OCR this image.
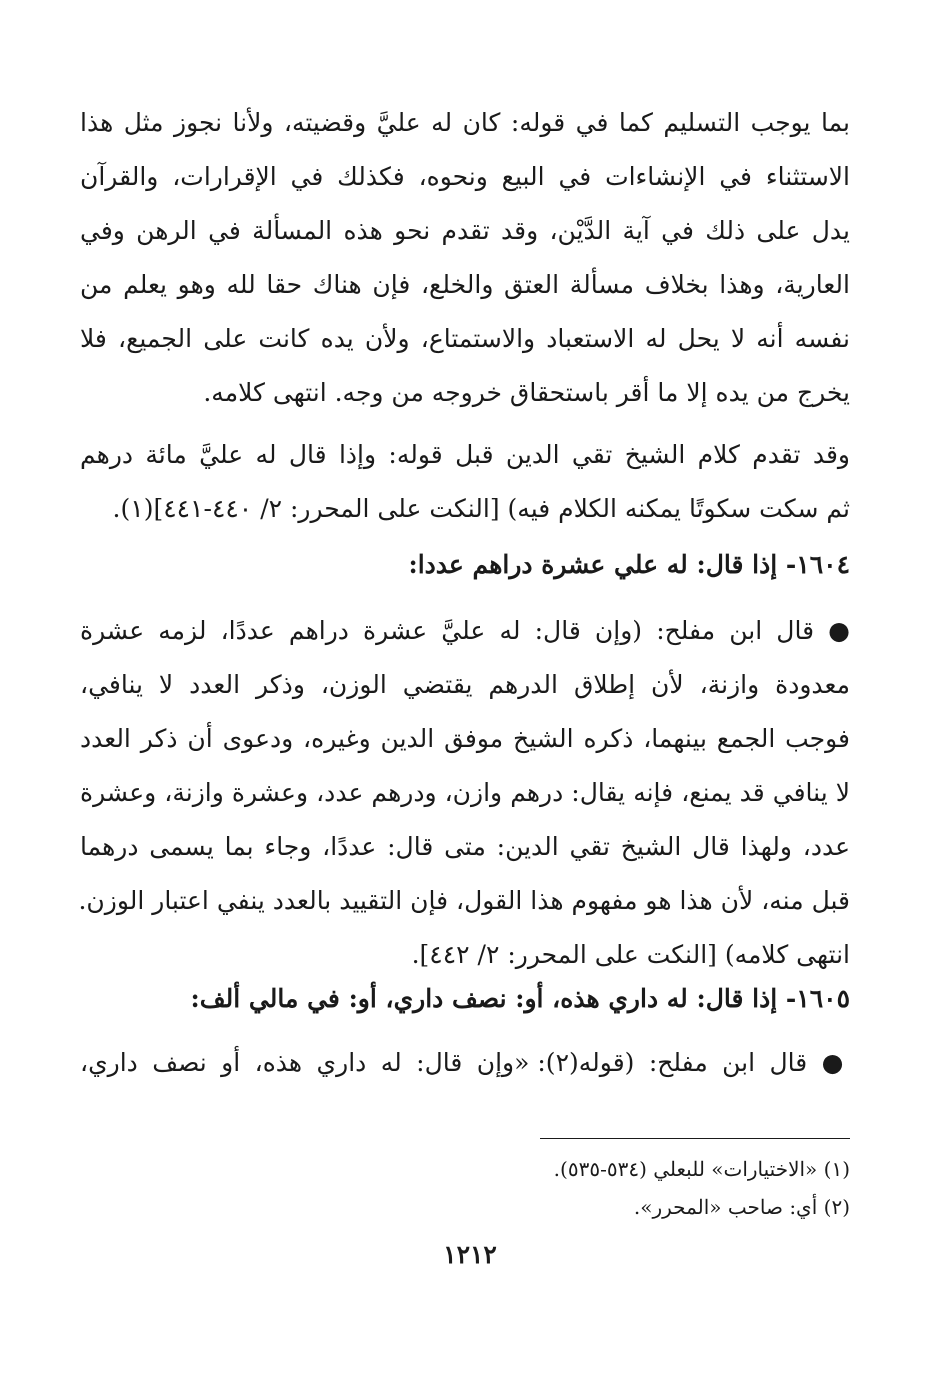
بما يوجب التسليم كما في قوله: كان له عليَّ وقضيته، ولأنا نجوز مثل هذا
الاستثناء في الإنشاءات في البيع ونحوه، فكذلك في الإقرارات، والقرآن
يدل على ذلك في آية الدَّيْن، وقد تقدم نحو هذه المسألة في الرهن وفي
العارية، وهذا بخلاف مسألة العتق والخلع، فإن هناك حقا لله وهو يعلم من
نفسه أنه لا يحل له الاستعباد والاستمتاع، ولأن يده كانت على الجميع، فلا
يخرج من يده إلا ما أقر باستحقاق خروجه من وجه. انتهى كلامه.
وقد تقدم كلام الشيخ تقي الدين قبل قوله: وإذا قال له عليَّ مائة درهم
ثم سكت سكوتًا يمكنه الكلام فيه) [النكت على المحرر: ٢/ ٤٤٠-٤٤١](١).
١٦٠٤- إذا قال: له علي عشرة دراهم عددا:
● قال ابن مفلح: (وإن قال: له عليَّ عشرة دراهم عددًا، لزمه عشرة
معدودة وازنة، لأن إطلاق الدرهم يقتضي الوزن، وذكر العدد لا ينافي،
فوجب الجمع بينهما، ذكره الشيخ موفق الدين وغيره، ودعوى أن ذكر العدد
لا ينافي قد يمنع، فإنه يقال: درهم وازن، ودرهم عدد، وعشرة وازنة، وعشرة
عدد، ولهذا قال الشيخ تقي الدين: متى قال: عددًا، وجاء بما يسمى درهما
قبل منه، لأن هذا هو مفهوم هذا القول، فإن التقييد بالعدد ينفي اعتبار الوزن.
انتهى كلامه) [النكت على المحرر: ٢/ ٤٤٢].
١٦٠٥- إذا قال: له داري هذه، أو: نصف داري، أو: في مالي ألف:
● قال ابن مفلح: (قوله(٢): «وإن قال: له داري هذه، أو نصف داري،
(١) «الاختيارات» للبعلي (٥٣٤-٥٣٥).
(٢) أي: صاحب «المحرر».
١٢١٢
